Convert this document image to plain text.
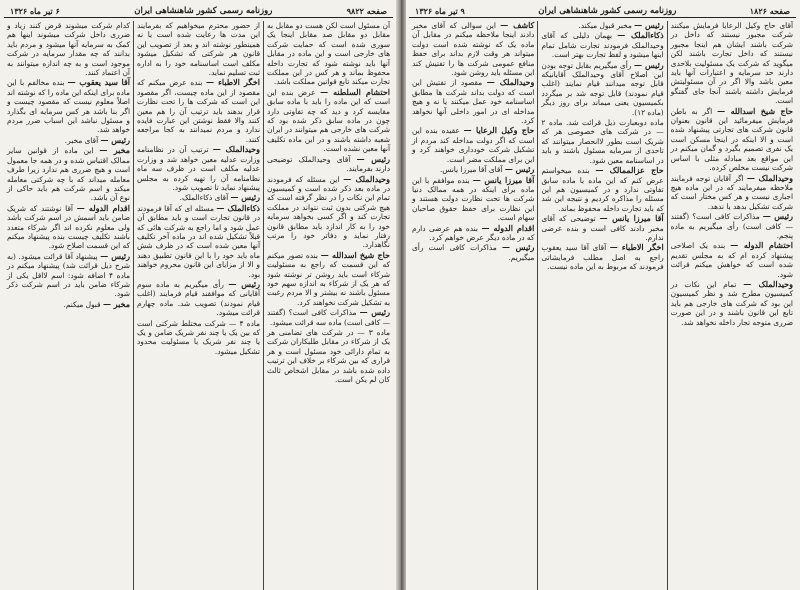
صفحه ۹۸۲۲
روزنامه رسمی کشور شاهنشاهی ایران
۶ تیر ماه ۱۳۲۶
آن مسئول است لکن هست دو مقابل به مقابل دو مقابل صد مقابل اینجا یک سوری شده است که حمایت شرکت های خارجی است و این ماده در مقابل آنها باید نوشته شود که تجارت داخله محفوظ بماند و هر کس در این مملکت تجارت میکند تابع قوانین مملکت باشد.
احتشام السلطنه — عرض بنده این است که این ماده را باید با ماده سابق مقایسه کرد و دید که چه تفاوتی دارد چون در ماده سابق ذکر شده بود که شرکت های خارجی هم میتوانند در ایران شعبه داشته باشند و در این ماده تکلیف آنها معین نشده است.
رئیس — آقای وحیدالملک توضیحی دارند بفرمایند.
وحیدالملک — این مسئله که فرمودند در ماده بعد ذکر شده است و کمیسیون تمام این نکات را در نظر گرفته است که هیچ شرکتی بدون ثبت نتواند در مملکت تجارت کند و اگر کسی بخواهد سرمایه خود را به کار اندازد باید مطابق قانون رفتار نماید و دفاتر خود را مرتب نگاهدارد.
حاج شیخ اسدالله — بنده تصور میکنم که این قسمت که راجع به مسئولیت شرکاء است باید روشن تر نوشته شود که هر یک از شرکاء به اندازه سهم خود مسئول باشند نه بیشتر و الا مردم رغبت به تشکیل شرکت نخواهند کرد.
رئیس — مذاکرات کافی است؟ (گفتند — کافی است) ماده سه قرائت میشود.
ماده ۳ — در شرکت های تضامنی هر یک از شرکاء در مقابل طلبکاران شرکت به تمام دارائی خود مسئول است و هر قراری که بین شرکاء بر خلاف این ترتیب داده شده باشد در مقابل اشخاص ثالث کان لم یکن است.
از حضور محترم میخواهیم که بفرمایند این مدت ها رعایت شده است یا نه همینطور نوشته اند و بعد از تصویب این قانون هر شرکتی که تشکیل میشود مکلف است اساسنامه خود را به اداره ثبت تسلیم نماید.
اخگر الاطباء — بنده عرض میکنم که مقصود از این ماده چیست، اگر مقصود این است که شرکت ها را تحت نظارت قرار بدهند باید ترتیب آن را هم معین کنند والا فقط نوشتن این عبارت فایده ندارد و مردم نمیدانند به کجا مراجعه کنند.
وحیدالملک — ترتیب آن در نظامنامه وزارت عدلیه معین خواهد شد و وزارت عدلیه مکلف است در ظرف سه ماه نظامنامه آن را تهیه کرده به مجلس پیشنهاد نماید تا تصویب شود.
رئیس — آقای ذکاءالملک.
ذکاءالملک — مسئله ای که آقا فرمودند در قانون تجارت است و باید مطابق آن عمل شود و اما راجع به شرکت هائی که قبلاً تشکیل شده اند در ماده آخر تکلیف آنها معین شده است که در ظرف شش ماه باید خود را با این قانون تطبیق دهند و الا از مزایای این قانون محروم خواهند بود.
رئیس — رأی میگیریم به ماده سوم آقایانی که موافقند قیام فرمایند (اغلب قیام نمودند) تصویب شد. ماده چهارم قرائت میشود.
ماده ۴ — شرکت مختلط شرکتی است که بین یک یا چند نفر شریک ضامن و یک یا چند نفر شریک با مسئولیت محدود تشکیل میشود.
کدام شرکت میشوند قرض کنند زیاد و ضرری داخل شرکت میشوند اینها هم کمک به سرمایه آنها میشود و مردم باید بدانند که چه مقدار سرمایه در شرکت موجود است و به چه اندازه میتوانند به آن اعتماد کنند.
آقا سید یعقوب — بنده مخالفم با این ماده برای اینکه این ماده را که نوشته اند اصلاً معلوم نیست که مقصود چیست و اگر بنا باشد هر کس سرمایه ای بگذارد و مسئول نباشد این اسباب ضرر مردم خواهد شد.
رئیس — آقای مخبر.
مخبر — این ماده از قوانین سایر ممالک اقتباس شده و در همه جا معمول است و هیچ ضرری هم ندارد زیرا طرف معامله میداند که با چه شرکتی معامله میکند و اسم شرکت هم باید حاکی از نوع آن باشد.
اقدام الدوله — آقا نوشتند که شریک ضامن باید اسمش در اسم شرکت باشد ولی معلوم نکرده اند اگر شرکاء متعدد باشند تکلیف چیست بنده پیشنهاد میکنم که این قسمت اصلاح شود.
رئیس — پیشنهاد آقا قرائت میشود. (به شرح ذیل قرائت شد) پیشنهاد میکنم در ماده ۴ اضافه شود: اسم لااقل یکی از شرکاء ضامن باید در اسم شرکت ذکر شود.
مخبر — قبول میکنم.
صفحه ۱۸۲۶
روزنامه رسمی کشور شاهنشاهی ایران
۹ تیر ماه ۱۳۲۶
آقای حاج وکیل الرعایا فرمایش میکنند شرکت مجبور نیستند که داخل در شرکت باشند ایشان هم اینجا مجبور نیستند که داخل تجارت باشند لکن میگوید که شرکت یک مسئولیت بلاحدی دارند حد سرمایه و اعتبارات آنها باید معین باشد والا اگر در آن مسئولیتش فرمایش داشته باشند آنجا جای گفتگو است.
حاج شیخ اسدالله — اگر به باطن فرمایش میفرمائید این قانون بعنوان قانون شرکت های تجارتی پیشنهاد شده است و الا اینکه در اینجا مسکن است یک نفری تصمیم بگیرد و گمان میکنم در این مواقع بعد مبادله مثلی با اساس شرکت نیست مخلص کرده.
وحیدالملک — اگر آقایان توجه فرمایند ملاحظه میفرمایند که در این ماده هیچ اجباری نیست و هر کس مختار است که شرکت تشکیل بدهد یا ندهد.
رئیس — مذاکرات کافی است؟ (گفتند — کافی است) رأی میگیریم به ماده پنجم.
احتشام الدوله — بنده یک اصلاحی پیشنهاد کرده ام که به مجلس تقدیم شده است که خواهش میکنم قرائت شود.
وحیدالملک — تمام این نکات در کمیسیون مطرح شد و نظر کمیسیون این بود که شرکت های خارجی هم باید تابع این قانون باشند و در این صورت ضرری متوجه تجار داخله نخواهد شد.
رئیس — مخبر قبول میکند.
ذکاءالملک — بهمان دلیلی که آقای وحیدالملک فرمودند تجارت شامل تمام اینها میشود و لفظ تجارت بهتر است.
رئیس — رأی میگیریم بقابل توجه بودن این اصلاح آقای وحیدالملک آقایانیکه قابل توجه میدانند قیام نمایند (اغلب قیام نمودند) قابل توجه شد بر میگردد بکمیسیون یعنی میماند برای روز دیگر (ماده ۱۲).
ماده دوبعبارت ذیل قرائت شد. ماده ۲ — در شرکت های خصوصی هر که شریک است بطور لاانحصار میتوانند که تاحدی از سرمایه مسئول باشند و باید در اساسنامه معین شود.
حاج عزالممالک — بنده میخواستم عرض کنم که این ماده با ماده سابق تفاوتی ندارد و در کمیسیون هم این مسئله را مذاکره کردیم و نتیجه این شد که باید تجارت داخله محفوظ بماند.
آقا میرزا یانس — توضیحی که آقای مخبر دادند کافی است و بنده عرضی ندارم.
اخگر الاطباء — آقای آقا سید یعقوب راجع به اصل مطلب فرمایشاتی فرمودند که مربوط به این ماده نیست.
کاشف — این سوالی که آقای مخبر دادند اینجا ملاحظه میکنم در مقابل آن ماده یک که نوشته شده است دولت میتواند هر وقت لازم بداند برای حفظ منافع عمومی شرکت ها را تفتیش کند این مسئله باید روشن شود.
وحیدالملک — مقصود از تفتیش این است که دولت بداند شرکت ها مطابق اساسنامه خود عمل میکنند یا نه و هیچ مداخله ای در امور داخلی آنها نخواهد کرد.
حاج وکیل الرعایا — عقیده بنده این است که اگر دولت مداخله کند مردم از تشکیل شرکت خودداری خواهند کرد و این برای مملکت مضر است.
رئیس — آقای آقا میرزا یانس.
آقا میرزا یانس — بنده موافقم با این ماده برای اینکه در همه ممالک دنیا شرکت ها تحت نظارت دولت هستند و این نظارت برای حفظ حقوق صاحبان سهام است.
اقدام الدوله — بنده هم عرضی دارم که در ماده دیگر عرض خواهم کرد.
رئیس — مذاکرات کافی است رأی میگیریم.
